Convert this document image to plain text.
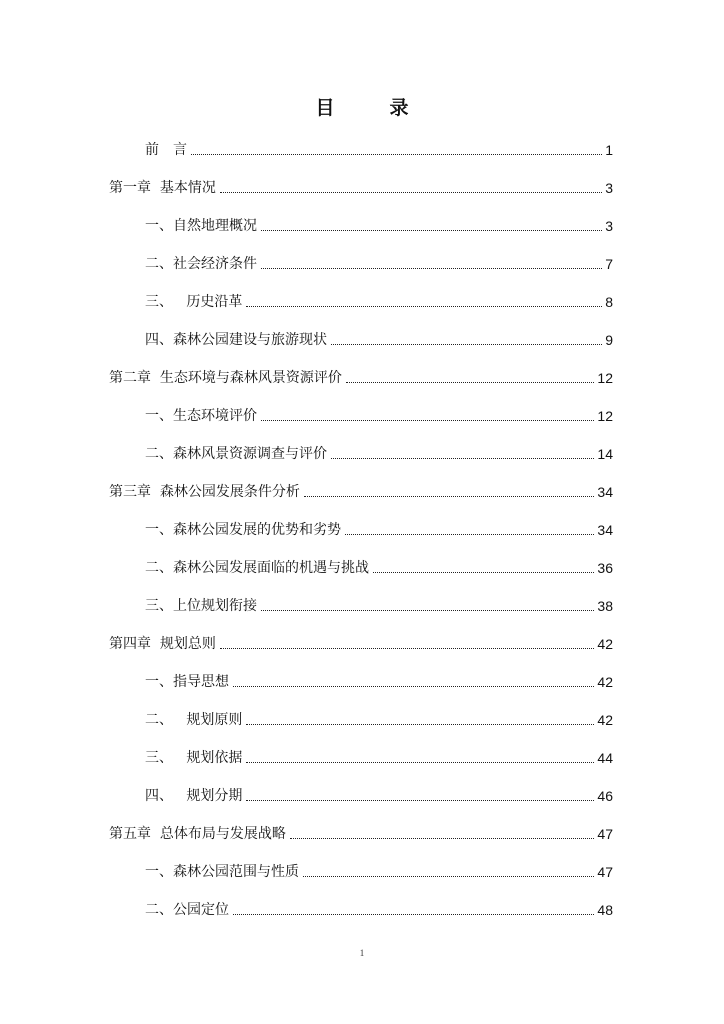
目　录
前　言	1
第一章  基本情况	3
一、自然地理概况	3
二、社会经济条件	7
三、   历史沿革	8
四、森林公园建设与旅游现状	9
第二章  生态环境与森林风景资源评价	12
一、生态环境评价	12
二、森林风景资源调查与评价	14
第三章  森林公园发展条件分析	34
一、森林公园发展的优势和劣势	34
二、森林公园发展面临的机遇与挑战	36
三、上位规划衔接	38
第四章  规划总则	42
一、指导思想	42
二、   规划原则	42
三、   规划依据	44
四、   规划分期	46
第五章  总体布局与发展战略	47
一、森林公园范围与性质	47
二、公园定位	48
1
